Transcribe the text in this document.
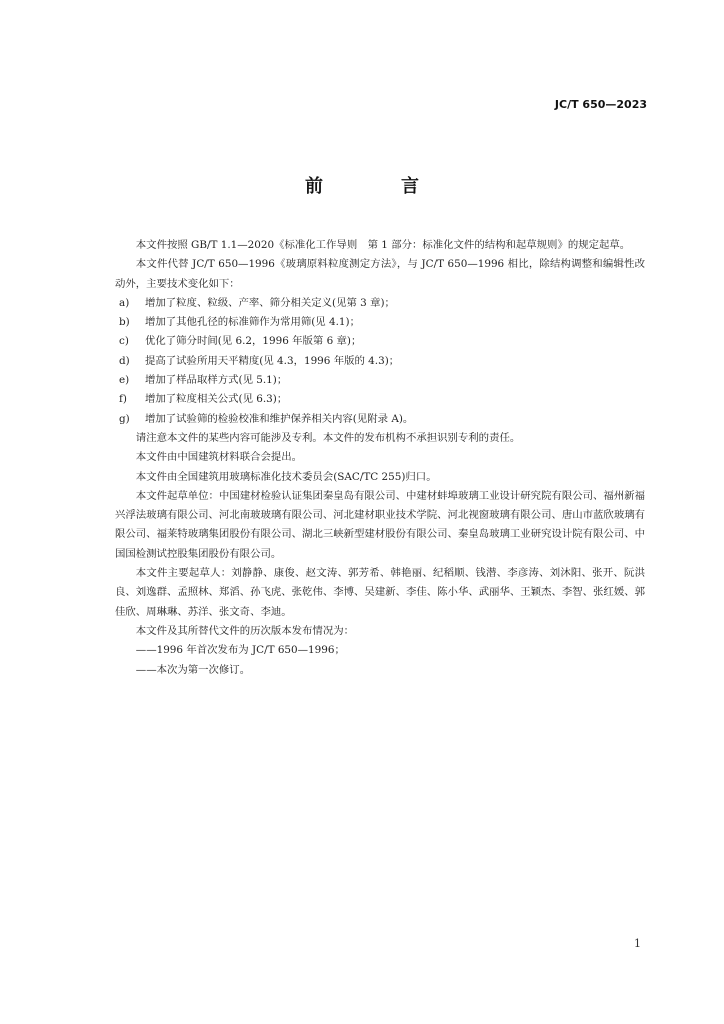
JC/T 650—2023
前　言

本文件按照 GB/T 1.1—2020《标准化工作导则　第 1 部分：标准化文件的结构和起草规则》的规定起草。

本文件代替 JC/T 650—1996《玻璃原料粒度测定方法》，与 JC/T 650—1996 相比，除结构调整和编辑性改动外，主要技术变化如下：

a) 增加了粒度、粒级、产率、筛分相关定义(见第 3 章)；
b) 增加了其他孔径的标准筛作为常用筛(见 4.1)；
c) 优化了筛分时间(见 6.2，1996 年版第 6 章)；
d) 提高了试验所用天平精度(见 4.3，1996 年版的 4.3)；
e) 增加了样品取样方式(见 5.1)；
f) 增加了粒度相关公式(见 6.3)；
g) 增加了试验筛的检验校准和维护保养相关内容(见附录 A)。

请注意本文件的某些内容可能涉及专利。本文件的发布机构不承担识别专利的责任。

本文件由中国建筑材料联合会提出。

本文件由全国建筑用玻璃标准化技术委员会(SAC/TC 255)归口。

本文件起草单位：中国建材检验认证集团秦皇岛有限公司、中建材蚌埠玻璃工业设计研究院有限公司、福州新福兴浮法玻璃有限公司、河北南玻玻璃有限公司、河北建材职业技术学院、河北视窗玻璃有限公司、唐山市蓝欣玻璃有限公司、福莱特玻璃集团股份有限公司、湖北三峡新型建材股份有限公司、秦皇岛玻璃工业研究设计院有限公司、中国国检测试控股集团股份有限公司。

本文件主要起草人：刘静静、康俊、赵文涛、郭芳希、韩艳丽、纪稻顺、钱潜、李彦涛、刘沐阳、张开、阮洪良、刘逸群、孟照林、郑滔、孙飞虎、张乾伟、李博、吴建新、李佳、陈小华、武丽华、王颖杰、李智、张红媛、郭佳欣、周琳琳、苏洋、张文奇、李迪。

本文件及其所替代文件的历次版本发布情况为：

——1996 年首次发布为 JC/T 650—1996；
——本次为第一次修订。
1
